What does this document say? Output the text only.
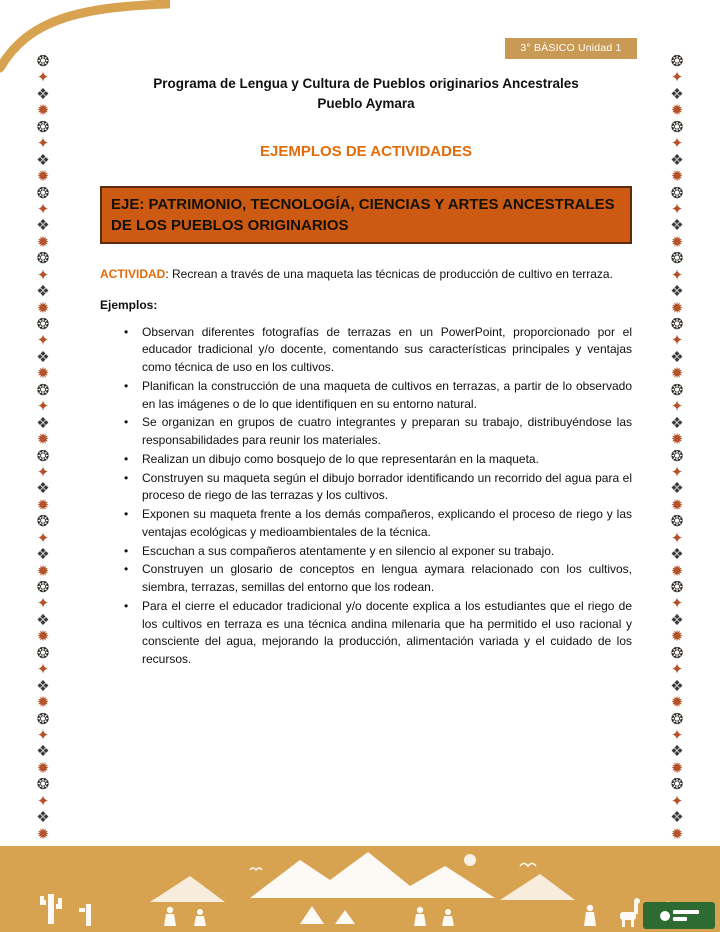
3° BÁSICO Unidad 1
❂
✦
❖
✹
❂
✦
❖
✹
❂
✦
❖
✹
❂
✦
❖
✹
❂
✦
❖
✹
❂
✦
❖
✹
❂
✦
❖
✹
❂
✦
❖
✹
❂
✦
❖
✹
❂
✦
❖
✹
❂
✦
❖
✹
❂
✦
❖
✹
❂
✦
❖
✹
❂
✦
❖
✹
❂
✦
❖
✹
❂
✦
❖
✹
❂
✦
❖
✹
❂
✦
❖
✹
❂
✦
❖
✹
❂
✦
❖
✹
❂
✦
❖
✹
❂
✦
❖
✹
❂
✦
❖
✹
❂
✦
❖
✹
Programa de Lengua y Cultura de Pueblos originarios Ancestrales
Pueblo Aymara
EJEMPLOS DE ACTIVIDADES
EJE: PATRIMONIO, TECNOLOGÍA, CIENCIAS Y ARTES ANCESTRALES DE LOS PUEBLOS ORIGINARIOS

ACTIVIDAD: Recrean a través de una maqueta las técnicas de producción de cultivo en terraza.

Ejemplos:

• Observan diferentes fotografías de terrazas en un PowerPoint, proporcionado por el educador tradicional y/o docente, comentando sus características principales y ventajas como técnica de uso en los cultivos.
• Planifican la construcción de una maqueta de cultivos en terrazas, a partir de lo observado en las imágenes o de lo que identifiquen en su entorno natural.
• Se organizan en grupos de cuatro integrantes y preparan su trabajo, distribuyéndose las responsabilidades para reunir los materiales.
• Realizan un dibujo como bosquejo de lo que representarán en la maqueta.
• Construyen su maqueta según el dibujo borrador identificando un recorrido del agua para el proceso de riego de las terrazas y los cultivos.
• Exponen su maqueta frente a los demás compañeros, explicando el proceso de riego y las ventajas ecológicas y medioambientales de la técnica.
• Escuchan a sus compañeros atentamente y en silencio al exponer su trabajo.
• Construyen un glosario de conceptos en lengua aymara relacionado con los cultivos, siembra, terrazas, semillas del entorno que los rodean.
• Para el cierre el educador tradicional y/o docente explica a los estudiantes que el riego de los cultivos en terraza es una técnica andina milenaria que ha permitido el uso racional y consciente del agua, mejorando la producción, alimentación variada y el cuidado de los recursos.
